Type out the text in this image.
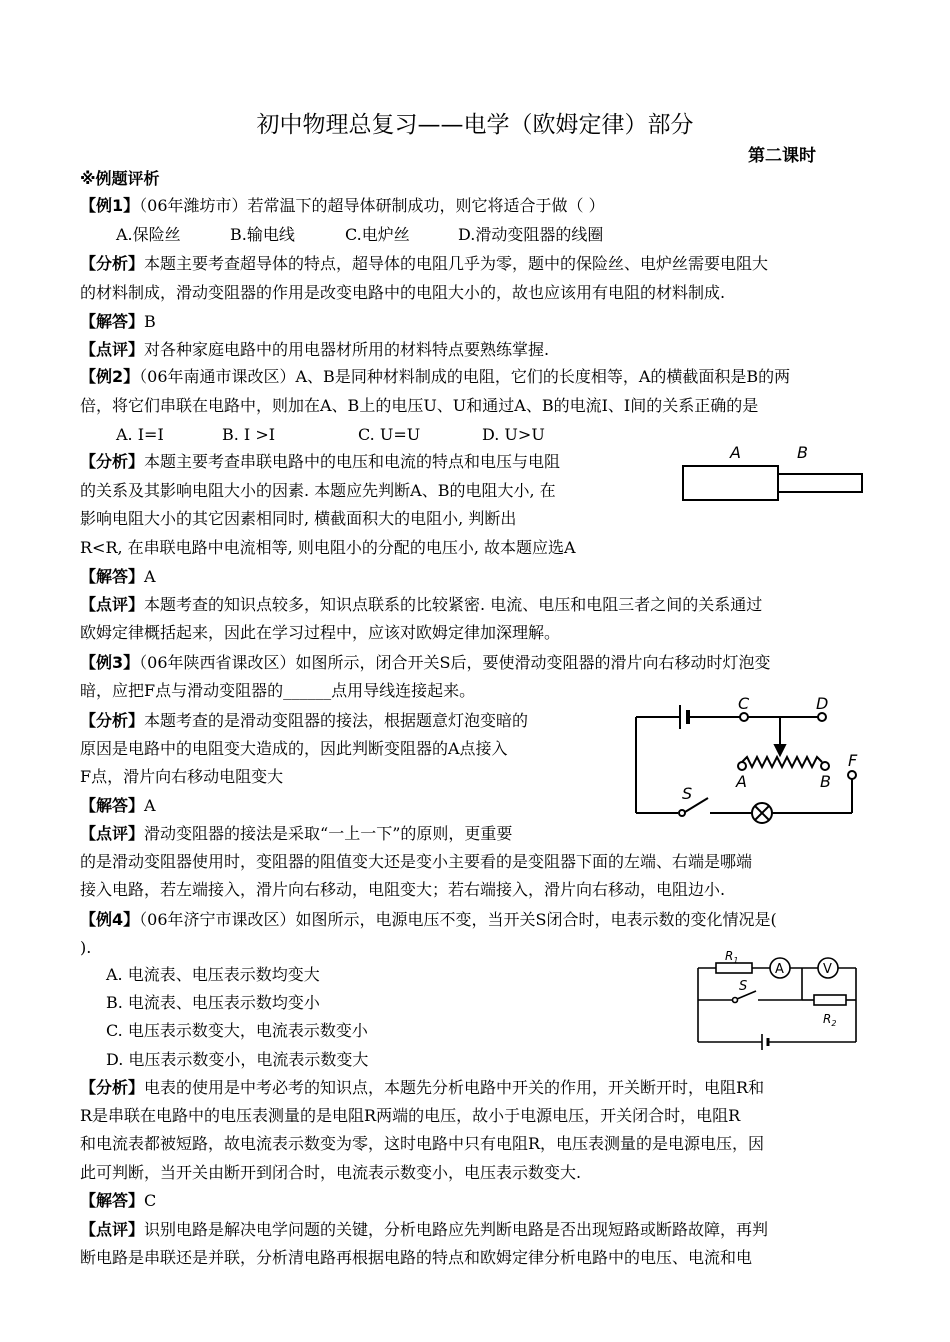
初中物理总复习——电学（欧姆定律）部分
第二课时
※例题评析
【例1】（06年潍坊市）若常温下的超导体研制成功，则它将适合于做（ ）
A.保险丝	B.输电线	C.电炉丝	D.滑动变阻器的线圈
【分析】本题主要考查超导体的特点，超导体的电阻几乎为零，题中的保险丝、电炉丝需要电阻大
的材料制成，滑动变阻器的作用是改变电路中的电阻大小的，故也应该用有电阻的材料制成.
【解答】B
【点评】对各种家庭电路中的用电器材所用的材料特点要熟练掌握.
【例2】（06年南通市课改区）A、B是同种材料制成的电阻，它们的长度相等，A的横截面积是B的两
倍，将它们串联在电路中，则加在A、B上的电压U、U和通过A、B的电流I、I间的关系正确的是
A. I=I	B. I >I	C. U=U	D. U>U
【分析】本题主要考查串联电路中的电压和电流的特点和电压与电阻
的关系及其影响电阻大小的因素. 本题应先判断A、B的电阻大小, 在
影响电阻大小的其它因素相同时, 横截面积大的电阻小, 判断出
R<R, 在串联电路中电流相等, 则电阻小的分配的电压小, 故本题应选A
【解答】A
【点评】本题考查的知识点较多，知识点联系的比较紧密. 电流、电压和电阻三者之间的关系通过
欧姆定律概括起来，因此在学习过程中，应该对欧姆定律加深理解。
A	B
【例3】（06年陕西省课改区）如图所示，闭合开关S后，要使滑动变阻器的滑片向右移动时灯泡变
暗，应把F点与滑动变阻器的______点用导线连接起来。
【分析】本题考查的是滑动变阻器的接法，根据题意灯泡变暗的
原因是电路中的电阻变大造成的，因此判断变阻器的A点接入
F点，滑片向右移动电阻变大
【解答】A
【点评】滑动变阻器的接法是采取“一上一下”的原则，更重要
的是滑动变阻器使用时，变阻器的阻值变大还是变小主要看的是变阻器下面的左端、右端是哪端
接入电路，若左端接入，滑片向右移动，电阻变大；若右端接入，滑片向右移动，电阻边小.
C	D
A	B
F
S
【例4】（06年济宁市课改区）如图所示，电源电压不变，当开关S闭合时，电表示数的变化情况是(
).
A. 电流表、电压表示数均变大
B. 电流表、电压表示数均变小
C. 电压表示数变大，电流表示数变小
D. 电压表示数变小，电流表示数变大
【分析】电表的使用是中考必考的知识点，本题先分析电路中开关的作用，开关断开时，电阻R和
R是串联在电路中的电压表测量的是电阻R两端的电压，故小于电源电压，开关闭合时，电阻R
和电流表都被短路，故电流表示数变为零，这时电路中只有电阻R，电压表测量的是电源电压，因
此可判断，当开关由断开到闭合时，电流表示数变小，电压表示数变大.
【解答】C
【点评】识别电路是解决电学问题的关键，分析电路应先判断电路是否出现短路或断路故障，再判
断电路是串联还是并联，分析清电路再根据电路的特点和欧姆定律分析电路中的电压、电流和电
$R_1$
A	V
S
$R_2$
